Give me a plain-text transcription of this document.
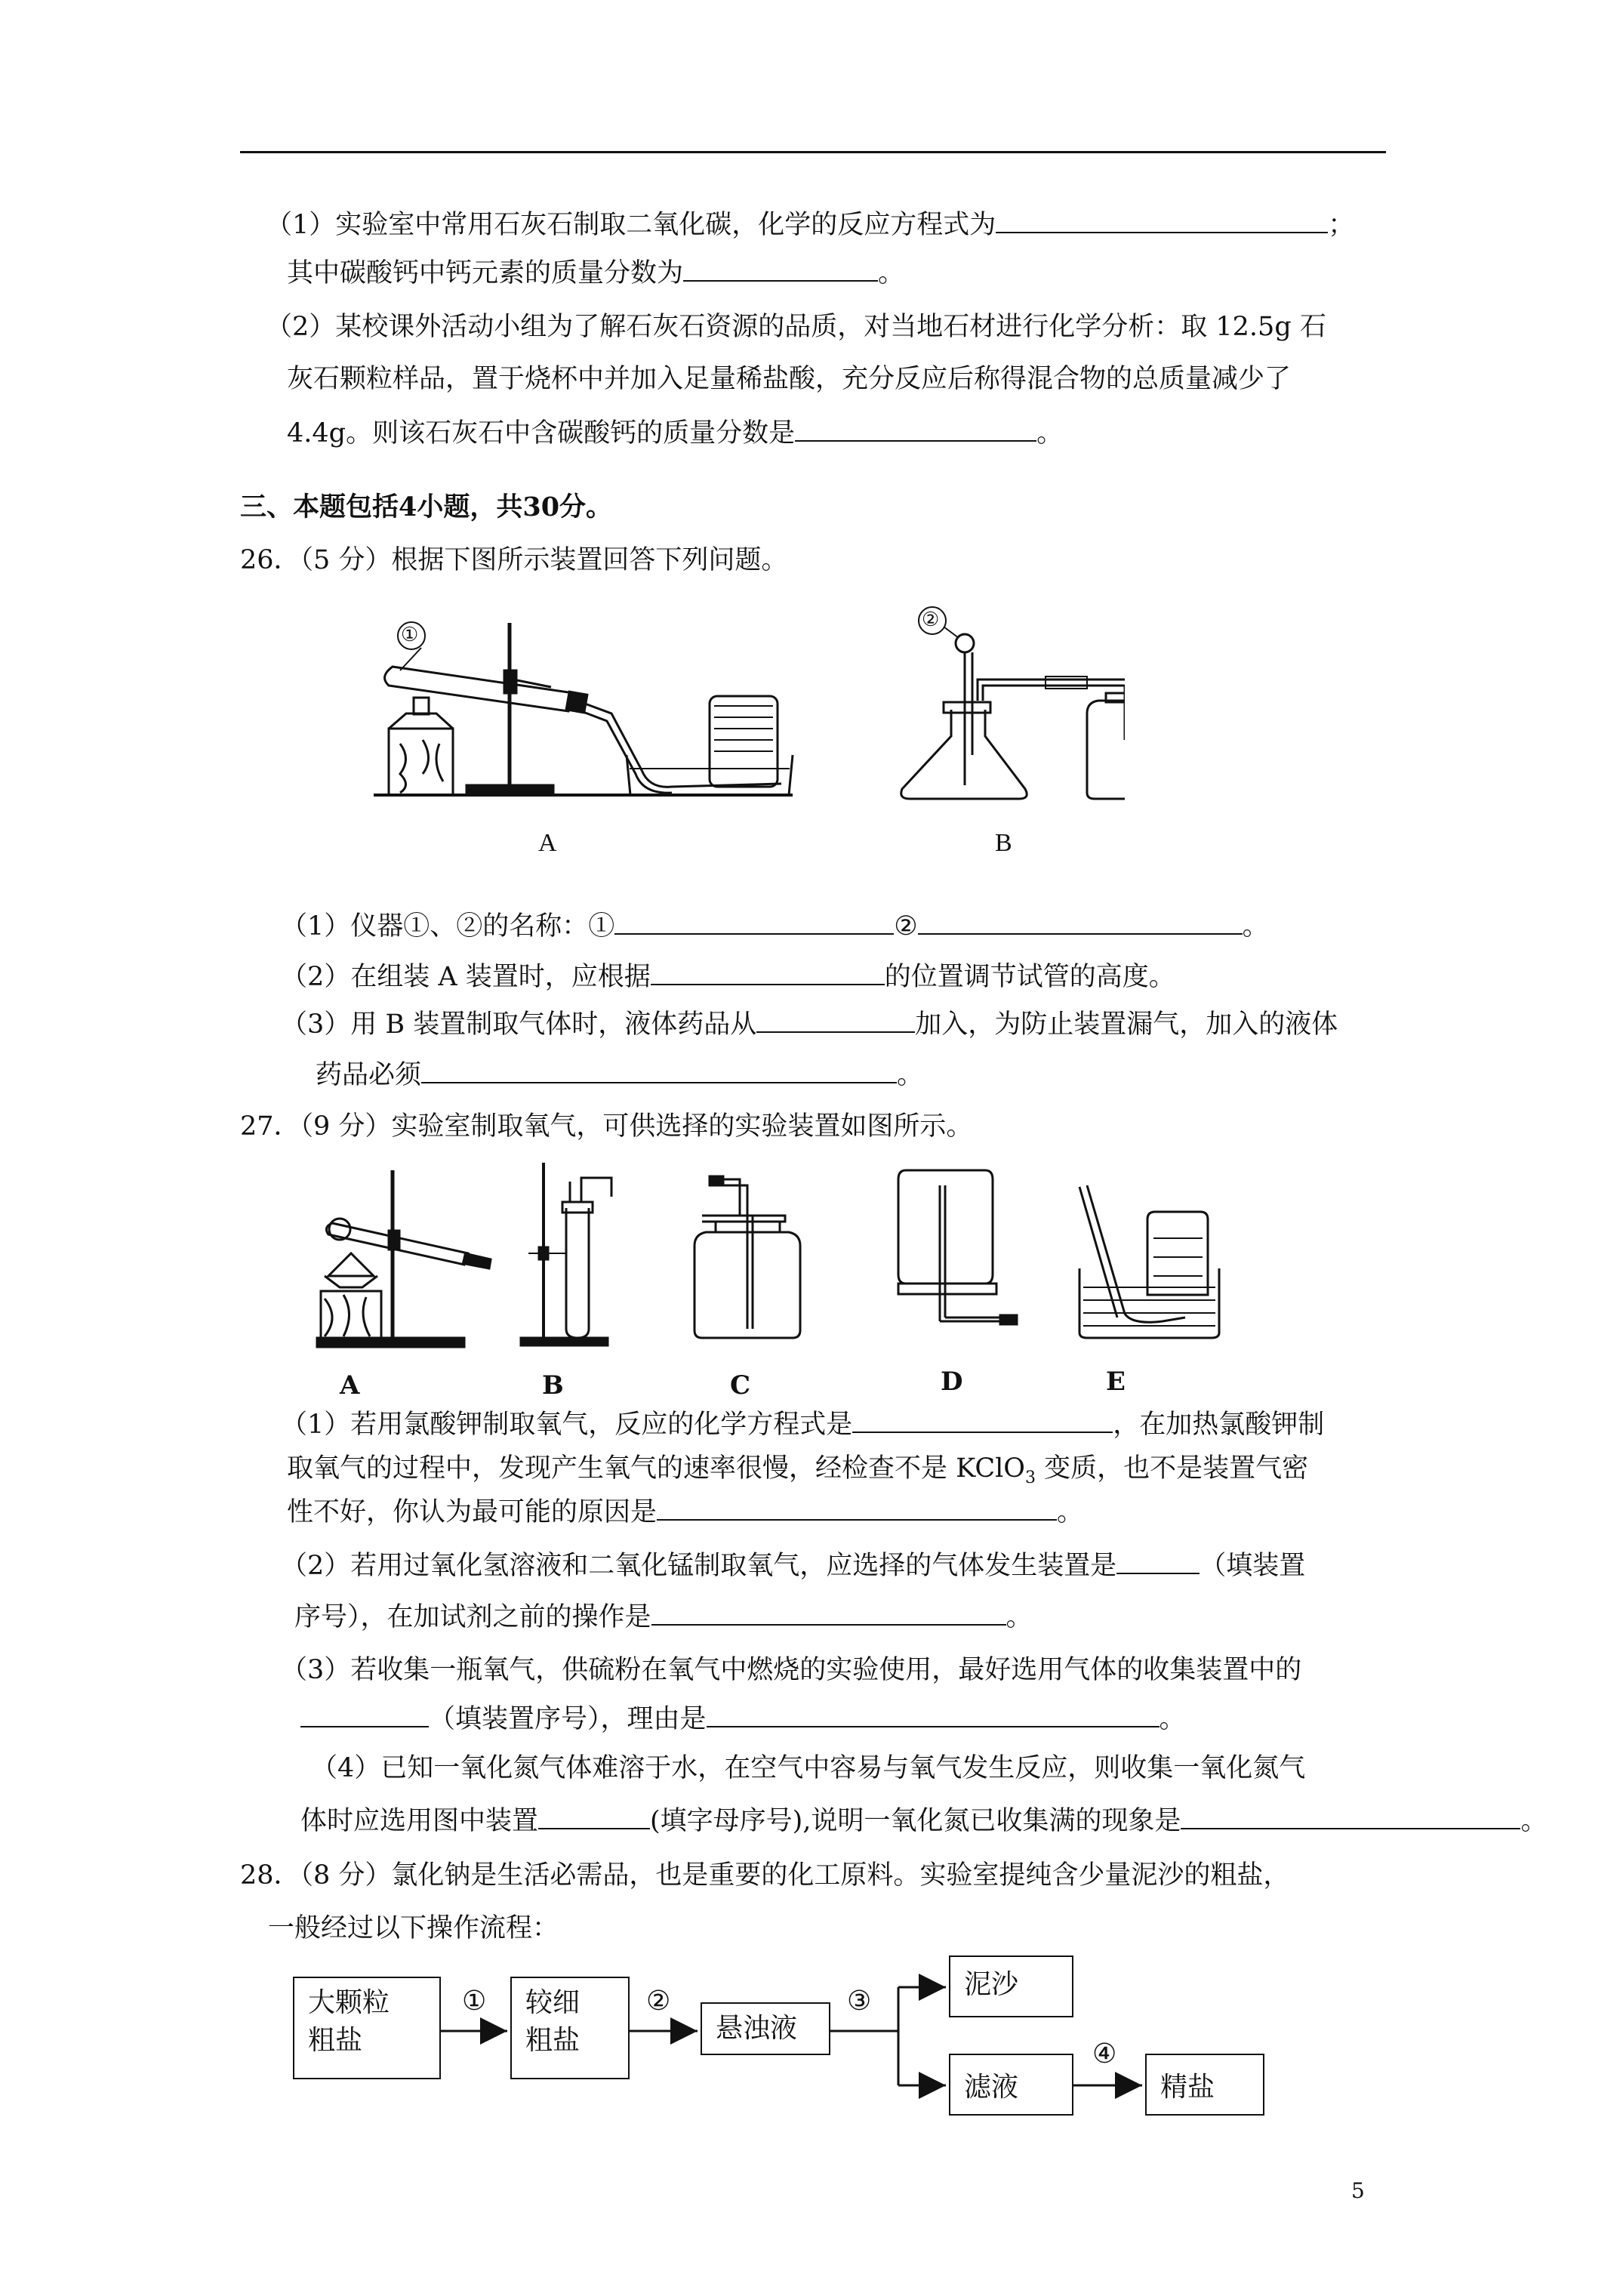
（1）实验室中常用石灰石制取二氧化碳，化学的反应方程式为	；
其中碳酸钙中钙元素的质量分数为	。
（2）某校课外活动小组为了解石灰石资源的品质，对当地石材进行化学分析：取 12.5g 石
灰石颗粒样品，置于烧杯中并加入足量稀盐酸，充分反应后称得混合物的总质量减少了
4.4g。则该石灰石中含碳酸钙的质量分数是	。
三、本题包括4小题，共30分。
26．（5 分）根据下图所示装置回答下列问题。
A	B
①
②
（1）仪器①、②的名称：①	②	。
（2）在组装 A 装置时，应根据	的位置调节试管的高度。
（3）用 B 装置制取气体时，液体药品从	加入，为防止装置漏气，加入的液体
药品必须	。
27．（9 分）实验室制取氧气，可供选择的实验装置如图所示。
A	B	C	D	E
（1）若用氯酸钾制取氧气，反应的化学方程式是	，在加热氯酸钾制
取氧气的过程中，发现产生氧气的速率很慢，经检查不是 KClO$_3$ 变质，也不是装置气密
性不好，你认为最可能的原因是	。
（2）若用过氧化氢溶液和二氧化锰制取氧气，应选择的气体发生装置是	（填装置
序号），在加试剂之前的操作是	。
（3）若收集一瓶氧气，供硫粉在氧气中燃烧的实验使用，最好选用气体的收集装置中的
（填装置序号），理由是	。
（4）已知一氧化氮气体难溶于水，在空气中容易与氧气发生反应，则收集一氧化氮气
体时应选用图中装置	(填字母序号),说明一氧化氮已收集满的现象是	。
28．（8 分）氯化钠是生活必需品，也是重要的化工原料。实验室提纯含少量泥沙的粗盐，
一般经过以下操作流程：
大颗粒
粗盐
较细
粗盐	悬浊液
泥沙
滤液	精盐
①	②	③
④
5
